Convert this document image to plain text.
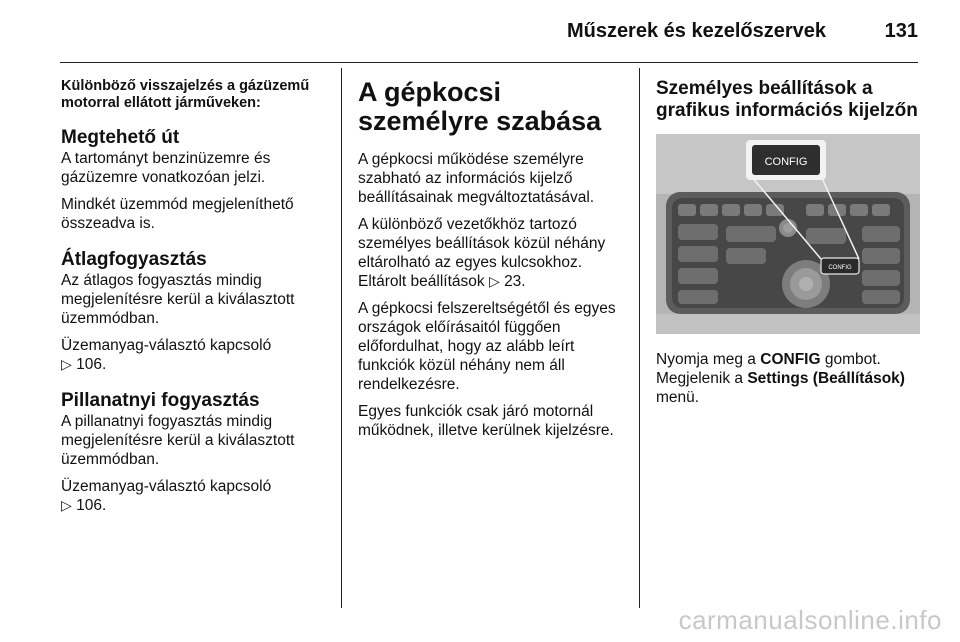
Műszerek és kezelőszervek	131

Különböző visszajelzés a gázüzemű motorral ellátott járműveken:

Megtehető út

A tartományt benzinüzemre és gázüzemre vonatkozóan jelzi.

Mindkét üzemmód megjeleníthető összeadva is.

Átlagfogyasztás

Az átlagos fogyasztás mindig megjelenítésre kerül a kiválasztott üzemmódban.

Üzemanyag-választó kapcsoló
▷ 106.

Pillanatnyi fogyasztás

A pillanatnyi fogyasztás mindig megjelenítésre kerül a kiválasztott üzemmódban.

Üzemanyag-választó kapcsoló
▷ 106.

A gépkocsi személyre szabása

A gépkocsi működése személyre szabható az információs kijelző beállításainak megváltoztatásával.

A különböző vezetőkhöz tartozó személyes beállítások közül néhány eltárolható az egyes kulcsokhoz. Eltárolt beállítások ▷ 23.

A gépkocsi felszereltségétől és egyes országok előírásaitól függően előfordulhat, hogy az alább leírt funkciók közül néhány nem áll rendelkezésre.

Egyes funkciók csak járó motornál működnek, illetve kerülnek kijelzésre.

Személyes beállítások a grafikus információs kijelzőn
CONFIG
CONFIG

Nyomja meg a CONFIG gombot.
Megjelenik a Settings (Beállítások)
menü.

carmanualsonline.info
